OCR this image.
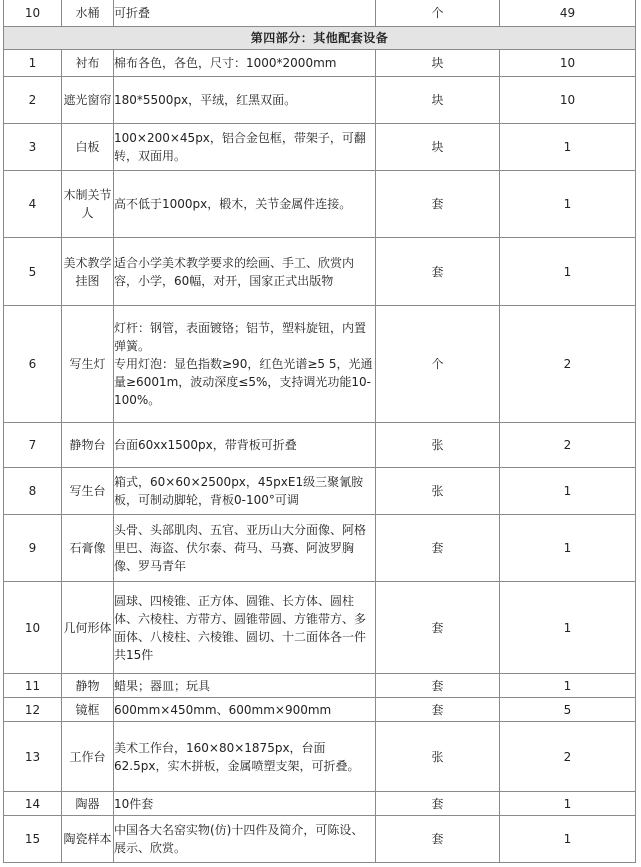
10	水桶	可折叠	个	49
第四部分：其他配套设备				
1	衬布	棉布各色，各色，尺寸：1000*2000mm	块	10
2	遮光窗帘	180*5500px，平绒，红黑双面。	块	10
3	白板	100×200×45px，铝合金包框，带架子，可翻转，双面用。	块	1
4	木制关节人	高不低于1000px，椴木，关节金属件连接。	套	1
5	美术教学挂图	适合小学美术教学要求的绘画、手工、欣赏内容，小学，60幅，对开，国家正式出版物	套	1
6	写生灯	灯杆：钢管，表面镀铬；铝节，塑料旋钮，内置弹簧。
专用灯泡：显色指数≥90，红色光谱≥5 5，光通量≥6001m，波动深度≤5%，支持调光功能10-100%。	个	2
7	静物台	台面60xx1500px，带背板可折叠	张	2
8	写生台	箱式，60×60×2500px，45pxE1级三聚氰胺板，可制动脚轮，背板0-100°可调	张	1
9	石膏像	头骨、头部肌肉、五官、亚历山大分面像、阿格里巴、海盗、伏尔泰、荷马、马赛、阿波罗胸像、罗马青年	套	1
10	几何形体	圆球、四棱锥、正方体、圆锥、长方体、圆柱体、六棱柱、方带方、圆锥带圆、方锥带方、多面体、八棱柱、六棱锥、圆切、十二面体各一件共15件	套	1
11	静物	蜡果；器皿；玩具	套	1
12	镜框	600mm×450mm、600mm×900mm	套	5
13	工作台	美术工作台，160×80×1875px，台面62.5px，实木拼板，金属喷塑支架，可折叠。	张	2
14	陶器	10件套	套	1
15	陶瓷样本	中国各大名窑实物(仿)十四件及简介，可陈设、展示、欣赏。	套	1
